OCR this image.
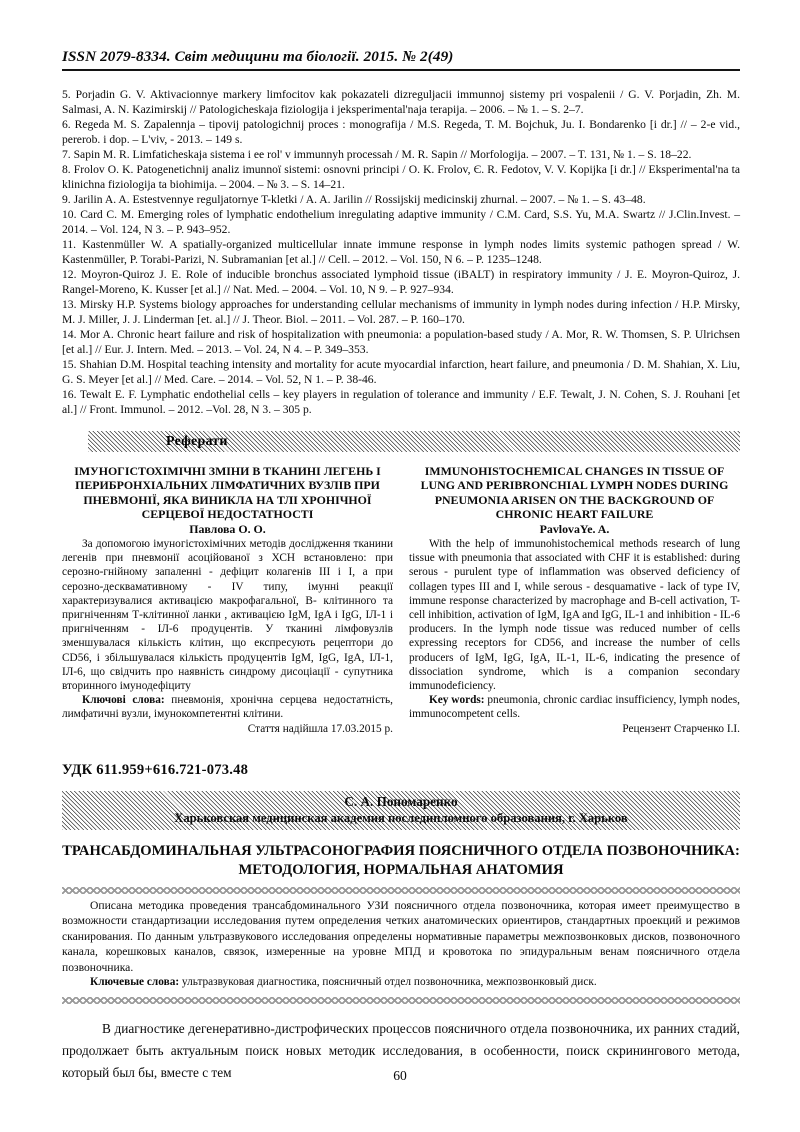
ISSN 2079-8334. Світ медицини та біології. 2015. № 2(49)

5. Porjadin G. V. Aktivacionnye markery limfocitov kak pokazateli dizreguljacii immunnoj sistemy pri vospalenii / G. V. Porjadin, Zh. M. Salmasi, A. N. Kazimirskij // Patologicheskaja fiziologija i jeksperimental'naja terapija. – 2006. – № 1. – S. 2–7.

6. Regeda M. S. Zapalennja – tipovij patologichnij proces : monografija / M.S. Regeda, T. M. Bojchuk, Ju. I. Bondarenko [i dr.] // – 2-e vid., pererob. i dop. – L'viv, - 2013. – 149 s.

7. Sapin M. R. Limfaticheskaja sistema i ee rol' v immunnyh processah / M. R. Sapin // Morfologija. – 2007. – T. 131, № 1. – S. 18–22.

8. Frolov O. K. Patogenetichnij analiz imunnoї sistemi: osnovni principi / O. K. Frolov, Є. R. Fedotov, V. V. Kopijka [i dr.] // Eksperimental'na ta klinichna fiziologija ta biohimija. – 2004. – № 3. – S. 14–21.

9. Jarilin A. A. Estestvennye reguljatornye T-kletki / A. A. Jarilin // Rossijskij medicinskij zhurnal. – 2007. – № 1. – S. 43–48.

10. Card C. M. Emerging roles of lymphatic endothelium inregulating adaptive immunity / C.M. Card, S.S. Yu, M.A. Swartz // J.Clin.Invest. – 2014. – Vol. 124, N 3. – P. 943–952.

11. Kastenmüller W. A spatially-organized multicellular innate immune response in lymph nodes limits systemic pathogen spread / W. Kastenmüller, P. Torabi-Parizi, N. Subramanian [et al.] // Cell. – 2012. – Vol. 150, N 6. – P. 1235–1248.

12. Moyron-Quiroz J. E. Role of inducible bronchus associated lymphoid tissue (iBALT) in respiratory immunity / J. E. Moyron-Quiroz, J. Rangel-Moreno, K. Kusser [et al.] // Nat. Med. – 2004. – Vol. 10, N 9. – P. 927–934.

13. Mirsky H.P. Systems biology approaches for understanding cellular mechanisms of immunity in lymph nodes during infection / H.P. Mirsky, M. J. Miller, J. J. Linderman [et. al.] // J. Theor. Biol. – 2011. – Vol. 287. – P. 160–170.

14. Mor A. Chronic heart failure and risk of hospitalization with pneumonia: a population-based study / A. Mor, R. W. Thomsen, S. P. Ulrichsen [et al.] // Eur. J. Intern. Med. – 2013. – Vol. 24, N 4. – P. 349–353.

15. Shahian D.M. Hospital teaching intensity and mortality for acute myocardial infarction, heart failure, and pneumonia / D. M. Shahian, X. Liu, G. S. Meyer [et al.] // Med. Care. – 2014. – Vol. 52, N 1. – P. 38-46.

16. Tewalt E. F. Lymphatic endothelial cells – key players in regulation of tolerance and immunity / E.F. Tewalt, J. N. Cohen, S. J. Rouhani [et al.] // Front. Immunol. – 2012. –Vol. 28, N 3. – 305 p.

Реферати

ІМУНОГІСТОХІМІЧНІ ЗМІНИ В ТКАНИНІ ЛЕГЕНЬ І ПЕРИБРОНХІАЛЬНИХ ЛІМФАТИЧНИХ ВУЗЛІВ ПРИ ПНЕВМОНІЇ, ЯКА ВИНИКЛА НА ТЛІ ХРОНІЧНОЇ СЕРЦЕВОЇ НЕДОСТАТНОСТІ

Павлова О. О.

За допомогою імуногістохімічних методів дослідження тканини легенів при пневмонії асоційованої з ХСН встановлено: при серозно-гнійному запаленні - дефіцит колагенів ІІІ і І, а при серозно-десквамативному - IV типу, імунні реакції характеризувалися активацією макрофагальної, В- клітинного та пригніченням Т-клітинної ланки , активацією IgM, IgA і IgG, ІЛ-1 і пригніченням - ІЛ-6 продуцентів. У тканині лімфовузлів зменшувалася кількість клітин, що експресують рецептори до CD56, і збільшувалася кількість продуцентів IgM, IgG, IgA, ІЛ-1, ІЛ-6, що свідчить про наявність синдрому дисоціації - супутника вторинного імунодефіциту

Ключові слова: пневмонія, хронічна серцева недостатність, лимфатичні вузли, імунокомпетентні клітини.

Стаття надійшла 17.03.2015 р.

IMMUNOHISTOCHEMICAL CHANGES IN TISSUE OF LUNG AND PERIBRONCHIAL LYMPH NODES DURING PNEUMONIA ARISEN ON THE BACKGROUND OF CHRONIC HEART FAILURE

PavlovaYe. A.

With the help of immunohistochemical methods research of lung tissue with pneumonia that associated with CHF it is established: during serous - purulent type of inflammation was observed deficiency of collagen types III and I, while serous - desquamative - lack of type IV, immune response characterized by macrophage and B-cell activation, T-cell inhibition, activation of IgM, IgA and IgG, IL-1 and inhibition - IL-6 producers. In the lymph node tissue was reduced number of cells expressing receptors for CD56, and increase the number of cells producers of IgM, IgG, IgA, IL-1, IL-6, indicating the presence of dissociation syndrome, which is a companion secondary immunodeficiency.

Key words: pneumonia, chronic cardiac insufficiency, lymph nodes, immunocompetent cells.

Рецензент Старченко І.І.

УДК 611.959+616.721-073.48
С. А. Пономаренко
Харьковская медицинская академия последипломного образования, г. Харьков
ТРАНСАБДОМИНАЛЬНАЯ УЛЬТРАСОНОГРАФИЯ ПОЯСНИЧНОГО ОТДЕЛА ПОЗВОНОЧНИКА: МЕТОДОЛОГИЯ, НОРМАЛЬНАЯ АНАТОМИЯ

Описана методика проведения трансабдоминального УЗИ поясничного отдела позвоночника, которая имеет преимущество в возможности стандартизации исследования путем определения четких анатомических ориентиров, стандартных проекций и режимов сканирования. По данным ультразвукового исследования определены нормативные параметры межпозвонковых дисков, позвоночного канала, корешковых каналов, связок, измеренные на уровне МПД и кровотока по эпидуральным венам поясничного отдела позвоночника.

Ключевые слова: ультразвуковая диагностика, поясничный отдел позвоночника, межпозвонковый диск.

В диагностике дегенеративно-дистрофических процессов поясничного отдела позвоночника, их ранних стадий, продолжает быть актуальным поиск новых методик исследования, в особенности, поиск скринингового метода, который был бы, вместе с тем	60
